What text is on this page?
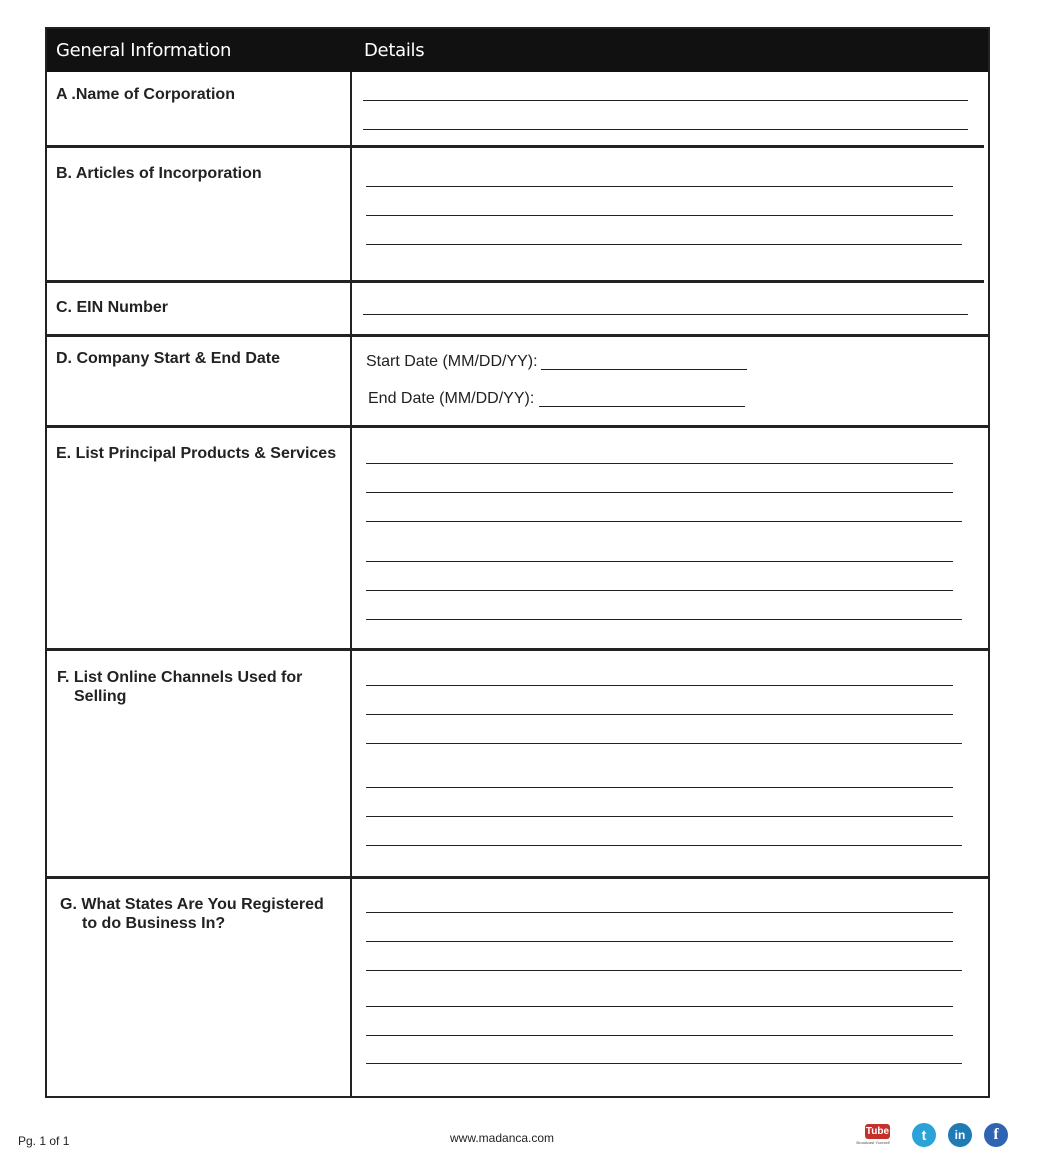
General Information	Details
A .Name of Corporation
B. Articles of Incorporation
C. EIN Number
D. Company Start & End Date	Start Date (MM/DD/YY):
End Date (MM/DD/YY):
E. List Principal Products & Services
F. List Online Channels Used for
Selling
G. What States Are You Registered
to do Business In?
Pg. 1 of 1	www.madanca.com	Tube
Broadcast Yourself	t	in	f
